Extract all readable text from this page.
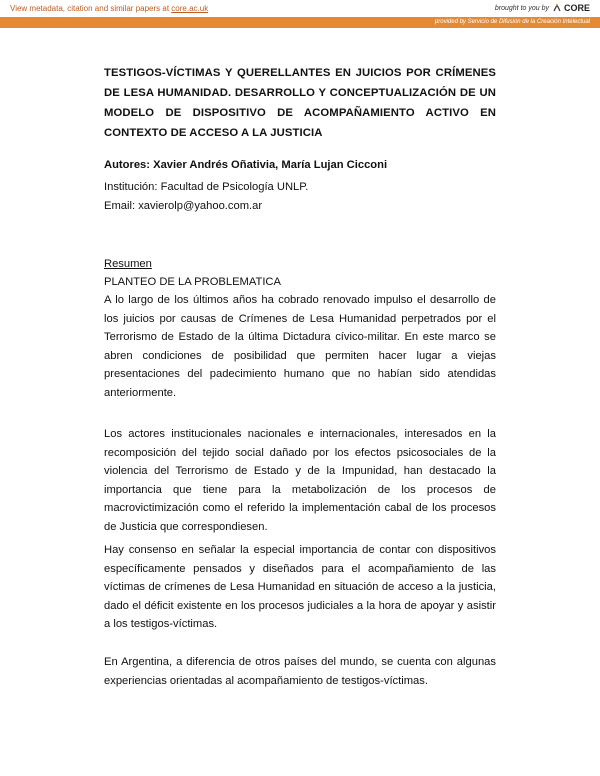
View metadata, citation and similar papers at core.ac.uk	brought to you by CORE
provided by Servicio de Difusión de la Creación Intelectual
TESTIGOS-VÍCTIMAS Y QUERELLANTES EN JUICIOS POR CRÍMENES DE LESA HUMANIDAD. DESARROLLO Y CONCEPTUALIZACIÓN DE UN MODELO DE DISPOSITIVO DE ACOMPAÑAMIENTO ACTIVO EN CONTEXTO DE ACCESO A LA JUSTICIA
Autores: Xavier Andrés Oñativia, María Lujan Cicconi
Institución: Facultad de Psicología UNLP.
Email: xavierolp@yahoo.com.ar
Resumen
PLANTEO DE LA PROBLEMATICA

A lo largo de los últimos años ha cobrado renovado impulso el desarrollo de los juicios por causas de Crímenes de Lesa Humanidad perpetrados por el Terrorismo de Estado de la última Dictadura cívico-militar. En este marco se abren condiciones de posibilidad que permiten hacer lugar a viejas presentaciones del padecimiento humano que no habían sido atendidas anteriormente.

Los actores institucionales nacionales e internacionales, interesados en la recomposición del tejido social dañado por los efectos psicosociales de la violencia del Terrorismo de Estado y de la Impunidad, han destacado la importancia que tiene para la metabolización de los procesos de macrovictimización como el referido la implementación cabal de los procesos de Justicia que correspondiesen.

Hay consenso en señalar la especial importancia de contar con dispositivos específicamente pensados y diseñados para el acompañamiento de las víctimas de crímenes de Lesa Humanidad en situación de acceso a la justicia, dado el déficit existente en los procesos judiciales a la hora de apoyar y asistir a los testigos-víctimas.

En Argentina, a diferencia de otros países del mundo, se cuenta con algunas experiencias orientadas al acompañamiento de testigos-víctimas.
